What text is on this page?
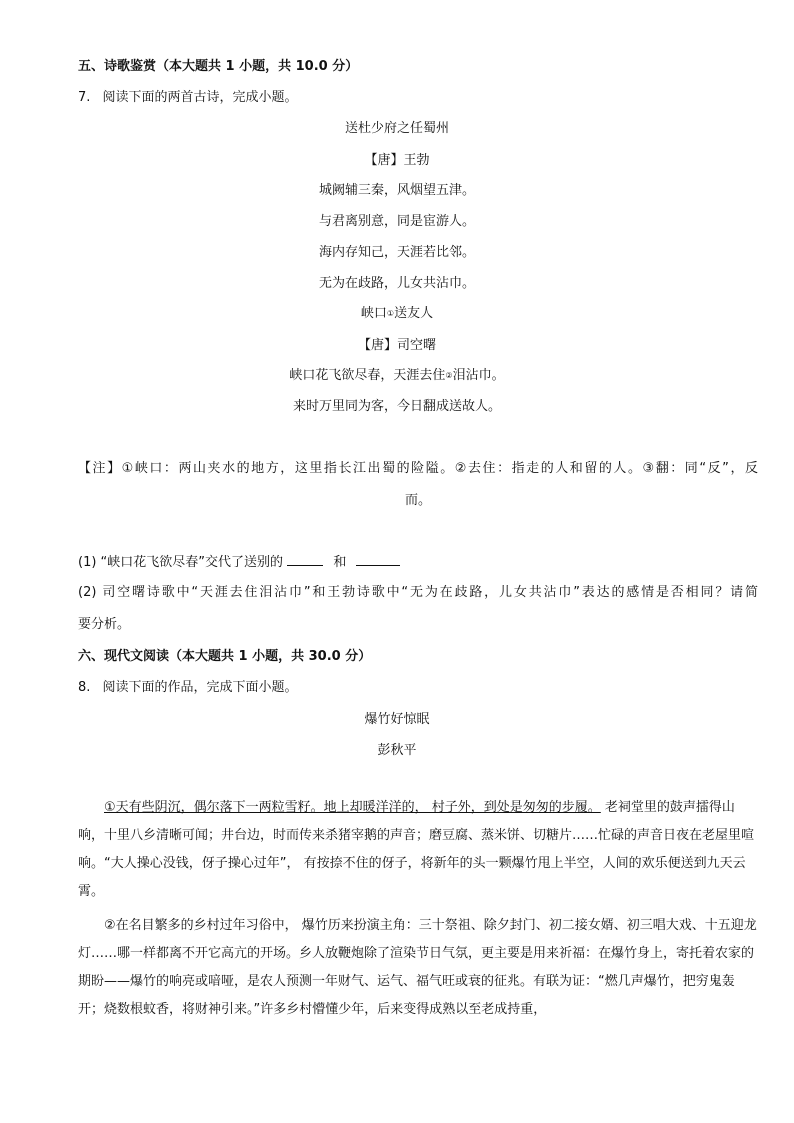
五、诗歌鉴赏（本大题共 1 小题，共 10.0 分）
7. 阅读下面的两首古诗，完成小题。
送杜少府之任蜀州
【唐】王勃
城阙辅三秦，风烟望五津。
与君离别意，同是宦游人。
海内存知己，天涯若比邻。
无为在歧路，儿女共沾巾。
峡口①送友人
【唐】司空曙
峡口花飞欲尽春，天涯去住②泪沾巾。
来时万里同为客，今日翻成送故人。

【注】①峡口：两山夹水的地方，这里指长江出蜀的险隘。②去住：指走的人和留的人。③翻：同“反”，反

而。

(1) “峡口花飞欲尽春”交代了送别的	和

(2) 司空曙诗歌中“天涯去住泪沾巾”和王勃诗歌中“无为在歧路，儿女共沾巾”表达的感情是否相同？请简

要分析。

六、现代文阅读（本大题共 1 小题，共 30.0 分）
8. 阅读下面的作品，完成下面小题。
爆竹好惊眠
彭秋平

①天有些阴沉，偶尔落下一两粒雪籽。地上却暖洋洋的， 村子外，到处是匆匆的步履。 老祠堂里的鼓声擂得山响，十里八乡清晰可闻；井台边，时而传来杀猪宰鹅的声音；磨豆腐、蒸米饼、切糖片……忙碌的声音日夜在老屋里喧响。“大人操心没钱，伢子操心过年”， 有按捺不住的伢子，将新年的头一颗爆竹甩上半空，人间的欢乐便送到九天云霄。

②在名目繁多的乡村过年习俗中， 爆竹历来扮演主角：三十祭祖、除夕封门、初二接女婿、初三唱大戏、十五迎龙灯……哪一样都离不开它高亢的开场。乡人放鞭炮除了渲染节日气氛，更主要是用来祈福：在爆竹身上，寄托着农家的期盼——爆竹的响亮或喑哑，是农人预测一年财气、运气、福气旺或衰的征兆。有联为证：“燃几声爆竹，把穷鬼轰开；烧数根蚊香，将财神引来。”许多乡村懵懂少年，后来变得成熟以至老成持重，
